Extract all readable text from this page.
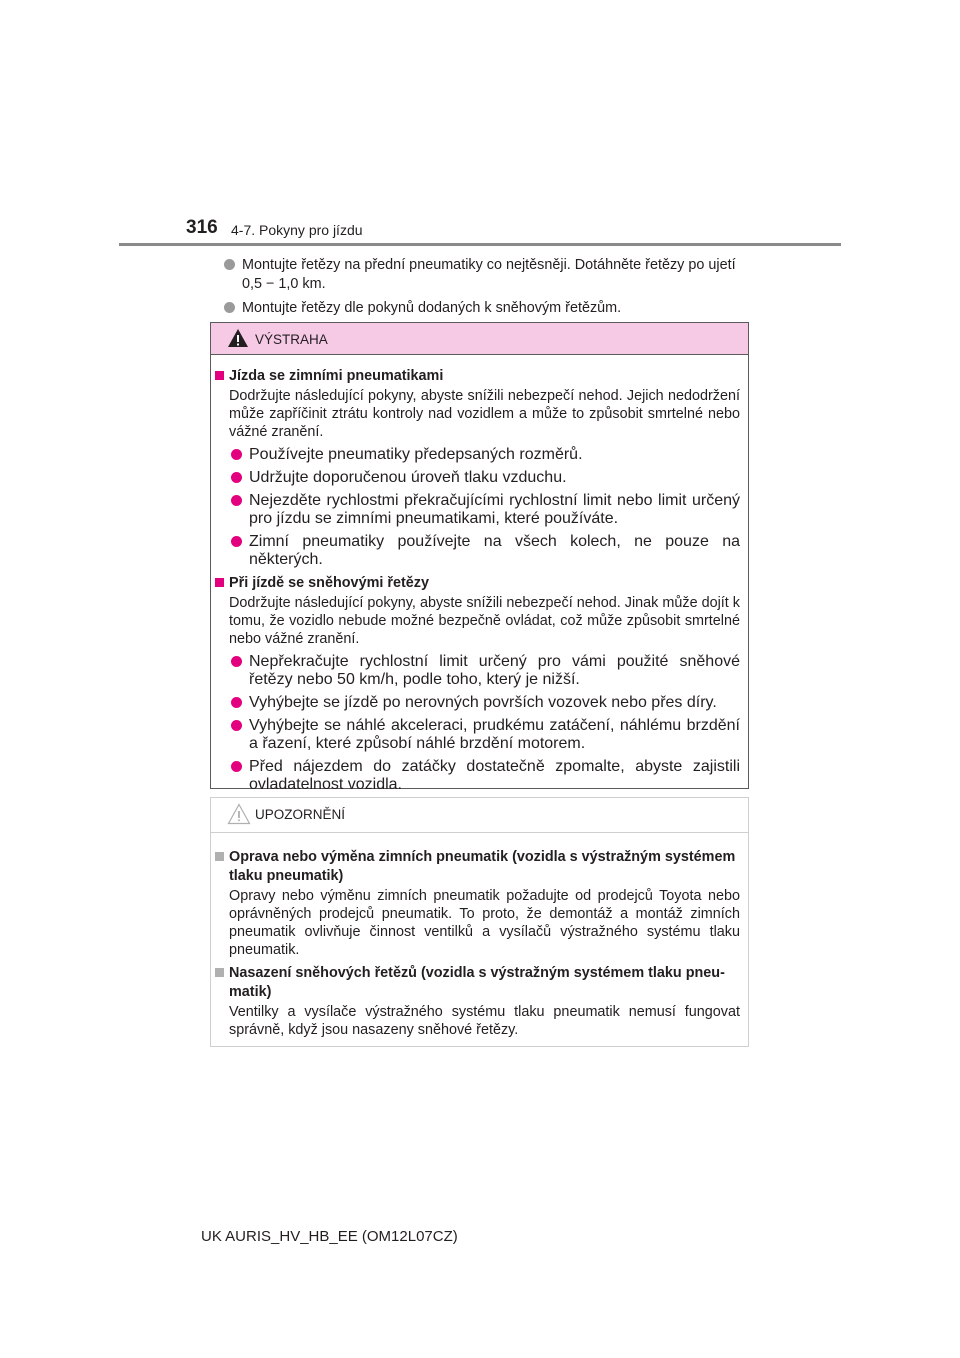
316 4-7. Pokyny pro jízdu
Montujte řetězy na přední pneumatiky co nejtěsněji. Dotáhněte řetězy po ujetí 0,5 − 1,0 km.
Montujte řetězy dle pokynů dodaných k sněhovým řetězům.
VÝSTRAHA
Jízda se zimními pneumatikami
Dodržujte následující pokyny, abyste snížili nebezpečí nehod. Jejich nedodržení může zapříčinit ztrátu kontroly nad vozidlem a může to způsobit smrtelné nebo vážné zranění.
Používejte pneumatiky předepsaných rozměrů.
Udržujte doporučenou úroveň tlaku vzduchu.
Nejezděte rychlostmi překračujícími rychlostní limit nebo limit určený pro jízdu se zimními pneumatikami, které používáte.
Zimní pneumatiky používejte na všech kolech, ne pouze na některých.
Při jízdě se sněhovými řetězy
Dodržujte následující pokyny, abyste snížili nebezpečí nehod. Jinak může dojít k tomu, že vozidlo nebude možné bezpečně ovládat, což může způsobit smrtelné nebo vážné zranění.
Nepřekračujte rychlostní limit určený pro vámi použité sněhové řetězy nebo 50 km/h, podle toho, který je nižší.
Vyhýbejte se jízdě po nerovných površích vozovek nebo přes díry.
Vyhýbejte se náhlé akceleraci, prudkému zatáčení, náhlému brzdění a řazení, které způsobí náhlé brzdění motorem.
Před nájezdem do zatáčky dostatečně zpomalte, abyste zajistili ovladatelnost vozidla.
UPOZORNĚNÍ
Oprava nebo výměna zimních pneumatik (vozidla s výstražným systémem tlaku pneumatik)
Opravy nebo výměnu zimních pneumatik požadujte od prodejců Toyota nebo oprávněných prodejců pneumatik. To proto, že demontáž a montáž zimních pneumatik ovlivňuje činnost ventilků a vysílačů výstražného systému tlaku pneumatik.
Nasazení sněhových řetězů (vozidla s výstražným systémem tlaku pneumatik)
Ventilky a vysílače výstražného systému tlaku pneumatik nemusí fungovat správně, když jsou nasazeny sněhové řetězy.
UK AURIS_HV_HB_EE (OM12L07CZ)
